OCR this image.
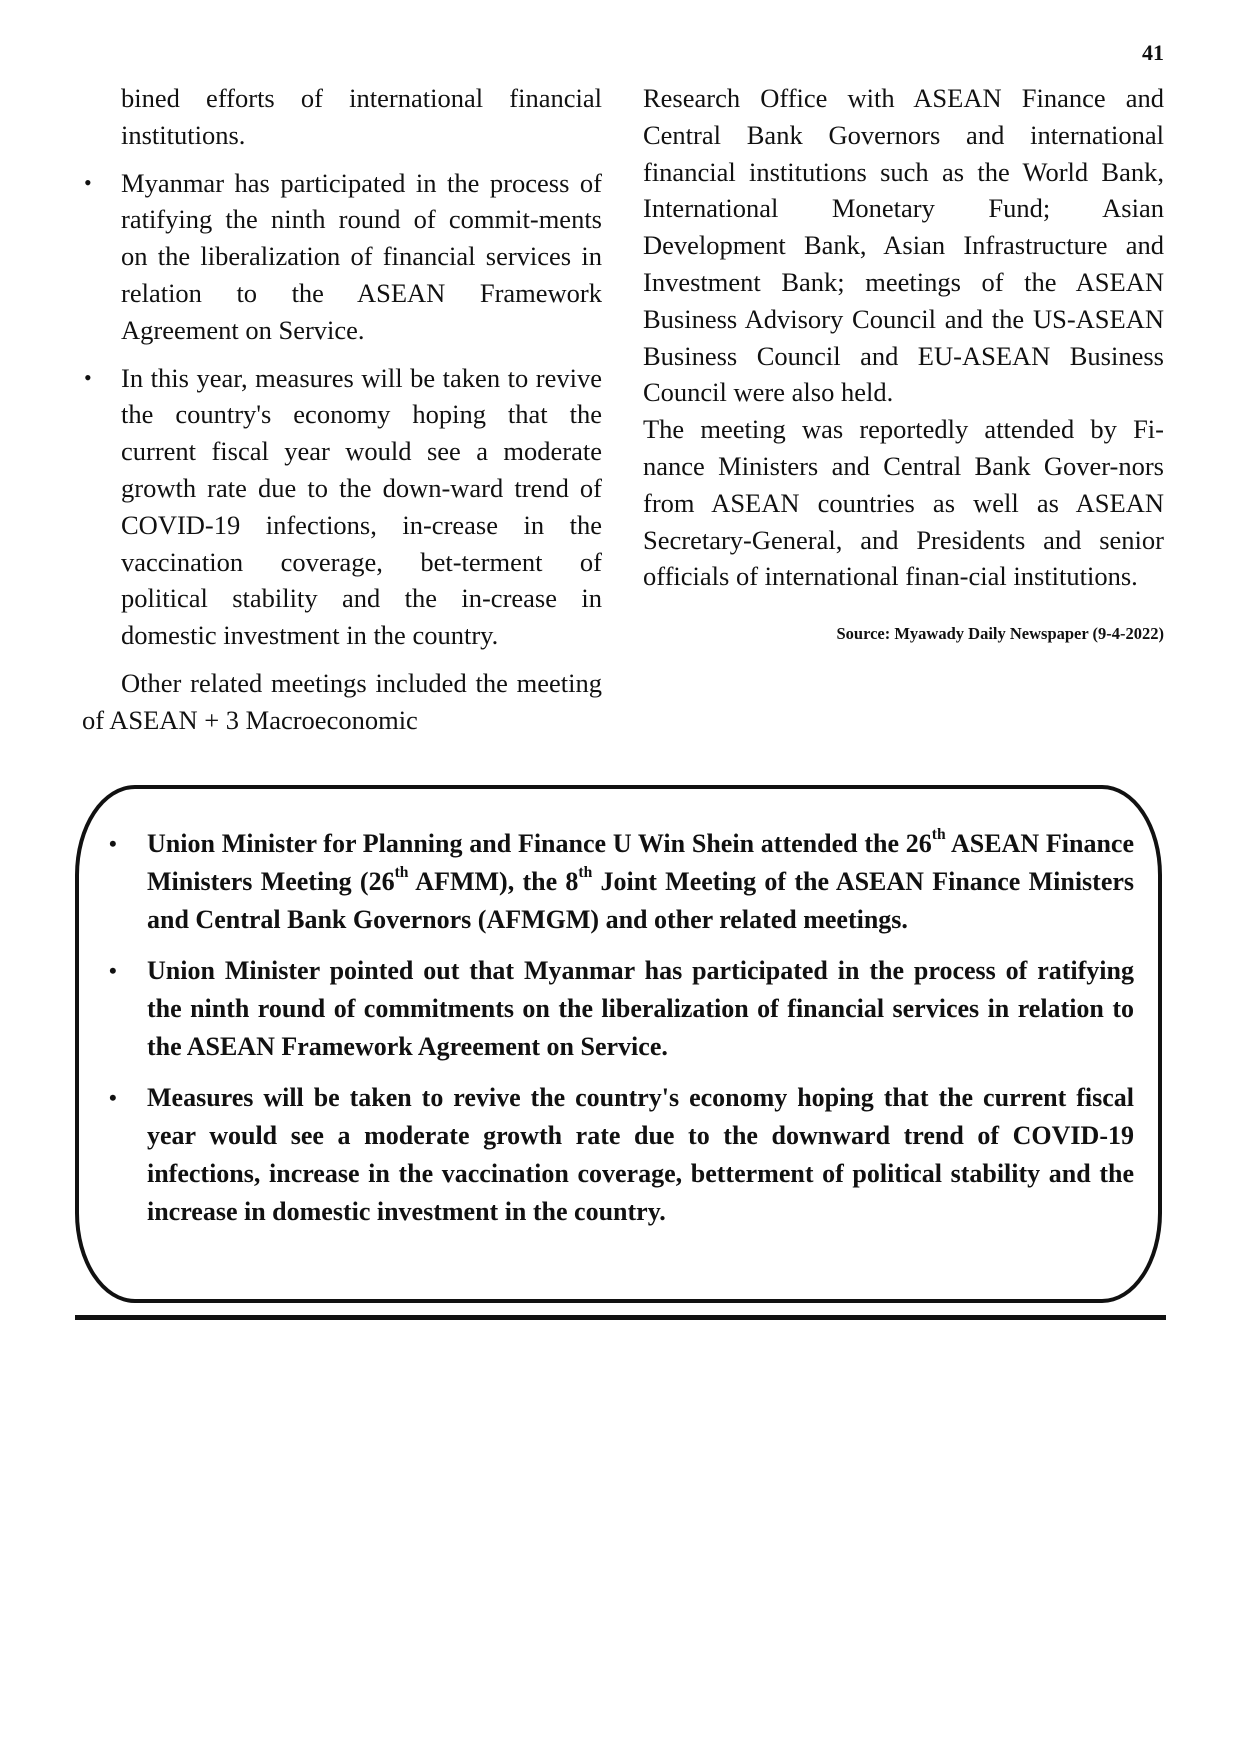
41

bined efforts of international financial institutions.

• Myanmar has participated in the process of ratifying the ninth round of commit-ments on the liberalization of financial services in relation to the ASEAN Framework Agreement on Service.
• In this year, measures will be taken to revive the country's economy hoping that the current fiscal year would see a moderate growth rate due to the down-ward trend of COVID-19 infections, in-crease in the vaccination coverage, bet-terment of political stability and the in-crease in domestic investment in the country.

Other related meetings included the meeting of ASEAN + 3 Macroeconomic

Research Office with ASEAN Finance and Central Bank Governors and international financial institutions such as the World Bank, International Monetary Fund; Asian Development Bank, Asian Infrastructure and Investment Bank; meetings of the ASEAN Business Advisory Council and the US-ASEAN Business Council and EU-ASEAN Business Council were also held.

The meeting was reportedly attended by Fi-nance Ministers and Central Bank Gover-nors from ASEAN countries as well as ASEAN Secretary-General, and Presidents and senior officials of international finan-cial institutions.

Source: Myawady Daily Newspaper (9-4-2022)

• Union Minister for Planning and Finance U Win Shein attended the 26th ASEAN Finance Ministers Meeting (26th AFMM), the 8th Joint Meeting of the ASEAN Finance Ministers and Central Bank Governors (AFMGM) and other related meetings.
• Union Minister pointed out that Myanmar has participated in the process of ratifying the ninth round of commitments on the liberalization of financial services in relation to the ASEAN Framework Agreement on Service.
• Measures will be taken to revive the country's economy hoping that the current fiscal year would see a moderate growth rate due to the downward trend of COVID-19 infections, increase in the vaccination coverage, betterment of political stability and the increase in domestic investment in the country.
